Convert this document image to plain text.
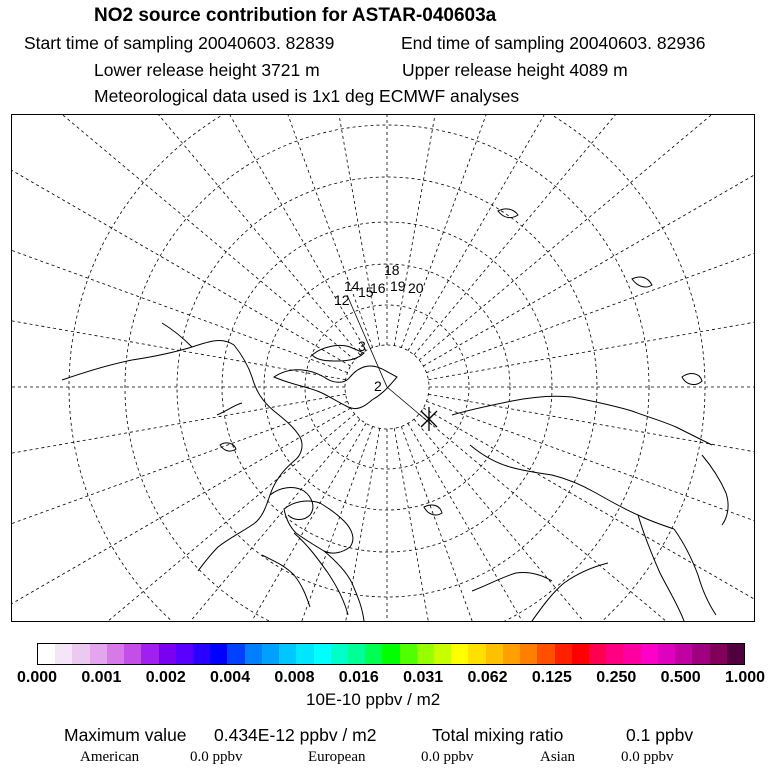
NO2 source contribution for ASTAR-040603a
Start time of sampling 20040603. 82839	End time of sampling 20040603. 82936
Lower release height 3721 m	Upper release height 4089 m
Meteorological data used is 1x1 deg ECMWF analyses
12
14
15
16
18
19 20
2
3
0.000 0.001 0.002 0.004 0.008 0.016 0.031 0.062 0.125 0.250 0.500 1.000
10E-10 ppbv / m2
Maximum value 0.434E-12 ppbv / m2	Total mixing ratio	0.1 ppbv
American	0.0 ppbv	European	0.0 ppbv	Asian	0.0 ppbv
